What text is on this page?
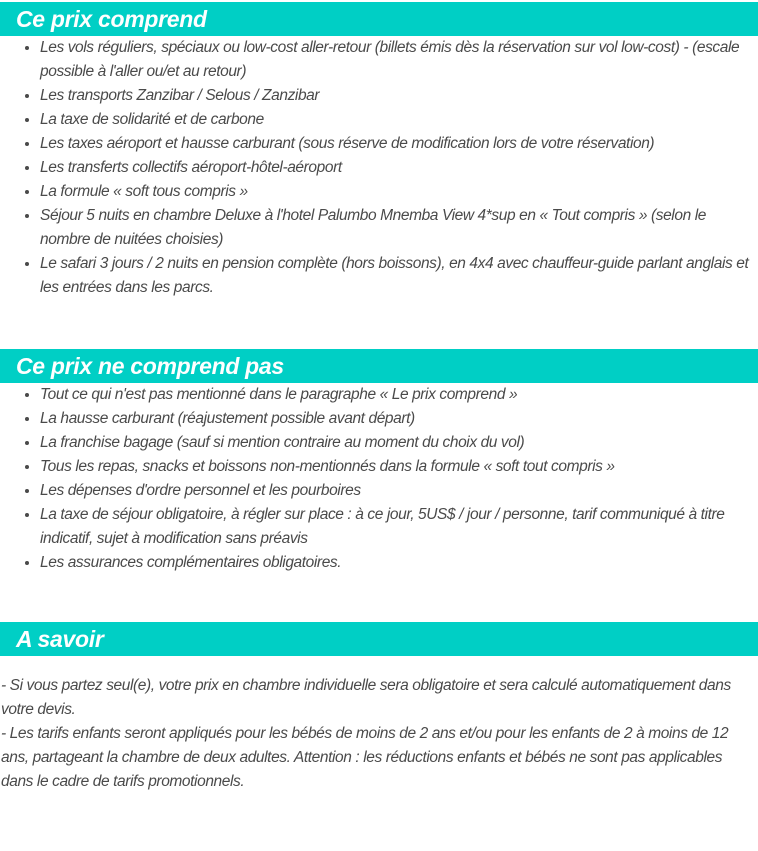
Ce prix comprend
• Les vols réguliers, spéciaux ou low-cost aller-retour (billets émis dès la réservation sur vol low-cost) - (escale possible à l'aller ou/et au retour)
• Les transports Zanzibar / Selous / Zanzibar
• La taxe de solidarité et de carbone
• Les taxes aéroport et hausse carburant (sous réserve de modification lors de votre réservation)
• Les transferts collectifs aéroport-hôtel-aéroport
• La formule « soft tous compris »
• Séjour 5 nuits en chambre Deluxe à l'hotel Palumbo Mnemba View 4*sup en « Tout compris » (selon le nombre de nuitées choisies)
• Le safari 3 jours / 2 nuits en pension complète (hors boissons), en 4x4 avec chauffeur-guide parlant anglais et les entrées dans les parcs.
Ce prix ne comprend pas
• Tout ce qui n'est pas mentionné dans le paragraphe « Le prix comprend »
• La hausse carburant (réajustement possible avant départ)
• La franchise bagage (sauf si mention contraire au moment du choix du vol)
• Tous les repas, snacks et boissons non-mentionnés dans la formule « soft tout compris »
• Les dépenses d'ordre personnel et les pourboires
• La taxe de séjour obligatoire, à régler sur place : à ce jour, 5US$ / jour / personne, tarif communiqué à titre indicatif, sujet à modification sans préavis
• Les assurances complémentaires obligatoires.
A savoir

- Si vous partez seul(e), votre prix en chambre individuelle sera obligatoire et sera calculé automatiquement dans votre devis.

- Les tarifs enfants seront appliqués pour les bébés de moins de 2 ans et/ou pour les enfants de 2 à moins de 12 ans, partageant la chambre de deux adultes. Attention : les réductions enfants et bébés ne sont pas applicables dans le cadre de tarifs promotionnels.
